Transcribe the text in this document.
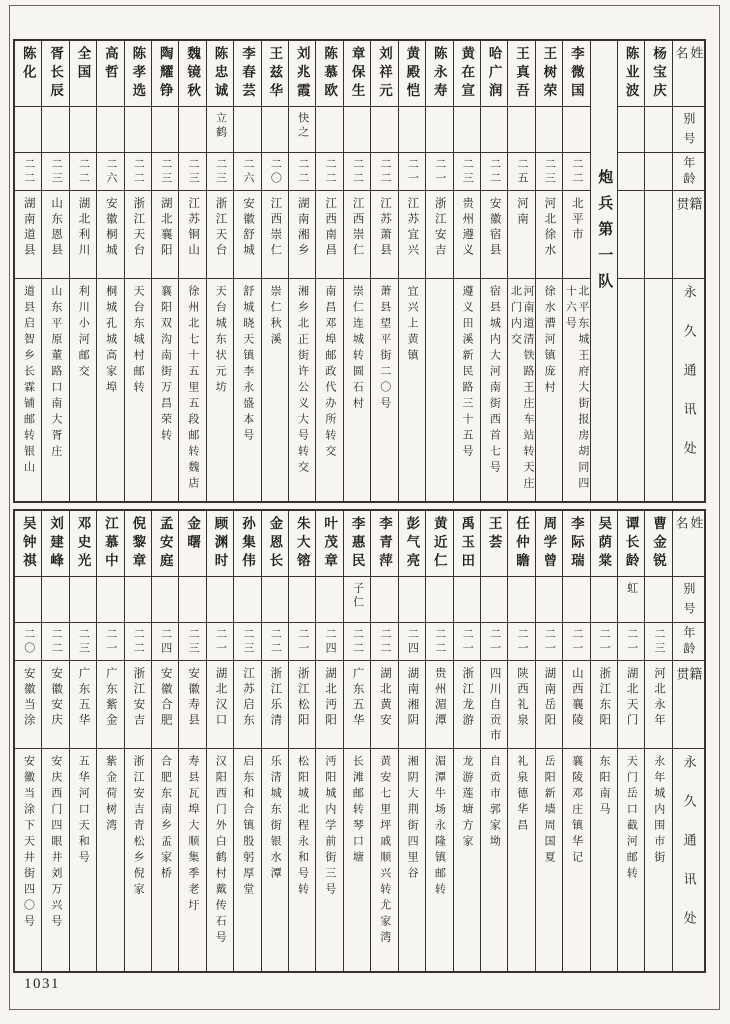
陈化
二二
湖南道县
道县启智乡长霖铺邮转银山
胥长辰
二三
山东恩县
山东平原董路口南大胥庄
全国
二二
湖北利川
利川小河邮交
高哲
二六
安徽桐城
桐城孔城高家埠
陈孝选
二二
浙江天台
天台东城村邮转
陶耀铮
二三
湖北襄阳
襄阳双沟南街万昌荣转
魏镜秋
二三
江苏铜山
徐州北七十五里五段邮转魏店
陈忠诚
立鹤
二三
浙江天台
天台城东状元坊
李春芸
二六
安徽舒城
舒城晓天镇李永盛本号
王兹华
二〇
江西崇仁
崇仁秋溪
刘兆霞
快之
二二
湖南湘乡
湘乡北正街许公义大号转交
陈慕欧
二二
江西南昌
南昌邓埠邮政代办所转交
章保生
二二
江西崇仁
崇仁连城转圆石村
刘祥元
二二
江苏萧县
萧县望平街二〇号
黄殿恺
二一
江苏宜兴
宜兴上黄镇
陈永寿
二一
浙江安吉
黄在宣
二三
贵州遵义
遵义田溪新民路三十五号
哈广润
二二
安徽宿县
宿县城内大河南街西首七号
王真吾
二五
河南
河南道清铁路王庄车站转天庄北门内交
王树荣
二三
河北徐水
徐水漕河镇庞村
李微国
二二
北平市
北平东城王府大街报房胡同四十六号
炮兵第一队
陈业波 杨宝庆	姓名
别号
年龄
籍贯
永久通讯处
吴钟祺
二〇
安徽当涂
安徽当涂下天井街四〇号
刘建峰
二二
安徽安庆
安庆西门四眼井刘万兴号
邓史光
二三
广东五华
五华河口天和号
江慕中
二一
广东紫金
紫金荷树湾
倪黎章
二二
浙江安吉
浙江安吉青松乡倪家
孟安庭
二四
安徽合肥
合肥东南乡孟家桥
金曙
二三
安徽寿县
寿县瓦埠大顺集季老圩
顾渊时
二一
湖北汉口
汉阳西门外白鹤村戴传石号
孙集伟
二三
江苏启东
启东和合镇殷躬厚堂
金恩长
二二
浙江乐清
乐清城东街银水潭
朱大镕
二一
浙江松阳
松阳城北程永和号转
叶茂章
二四
湖北沔阳
沔阳城内学前街三号
李惠民
子仁
二二
广东五华
长滩邮转琴口塘
李青萍
二二
湖北黄安
黄安七里坪戚顺兴转尤家湾
彭气亮
二四
湖南湘阴
湘阴大荆街四里谷
黄近仁
二二
贵州湄潭
湄潭牛场永隆镇邮转
禹玉田
二一
浙江龙游
龙游莲塘方家
王荟
二一
四川自贡市
自贡市郭家坳
任仲瞻
二一
陕西礼泉
礼泉德华昌
周学曾
二一
湖南岳阳
岳阳新墙周国夏
李际瑞
二一
山西襄陵
襄陵邓庄镇华记
吴荫棠
二一
浙江东阳
东阳南马
谭长龄
虹
二一
湖北天门
天门岳口截河邮转
曹金锐
二三
河北永年
永年城内围市街
姓名
别号
年龄
籍贯
永久通讯处
1031
